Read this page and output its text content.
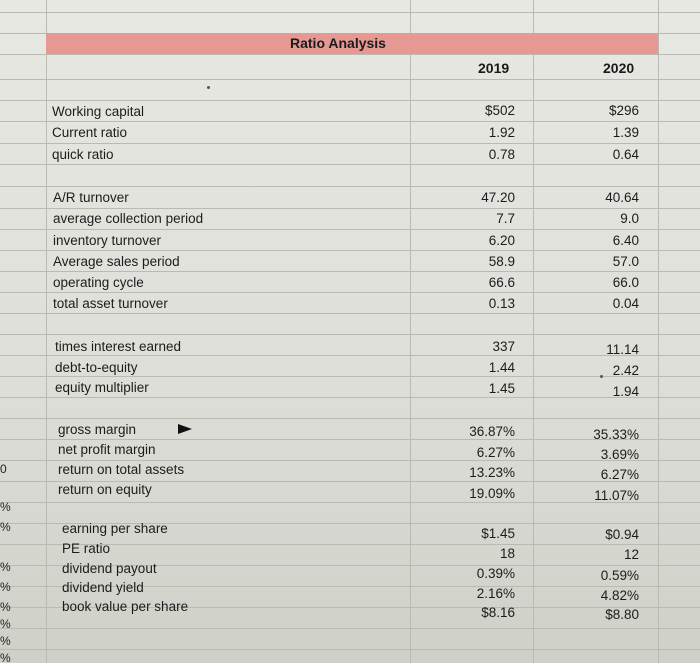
Ratio Analysis
2019	2020
Working capital	$502	$296
Current ratio	1.92	1.39
quick ratio	0.78	0.64
A/R turnover	47.20	40.64
average collection period	7.7	9.0
inventory turnover	6.20	6.40
Average sales period	58.9	57.0
operating cycle	66.6	66.0
total asset turnover	0.13	0.04
times interest earned	337	11.14
debt-to-equity	1.44	2.42
equity multiplier	1.45	1.94
gross margin	36.87%	35.33%
net profit margin	6.27%	3.69%
return on total assets	13.23%	6.27%
return on equity	19.09%	11.07%
earning per share	$1.45	$0.94
PE ratio	18	12
dividend payout	0.39%	0.59%
dividend yield	2.16%	4.82%
book value per share	$8.16	$8.80
0
%
%
%
%
%
%
%
%
